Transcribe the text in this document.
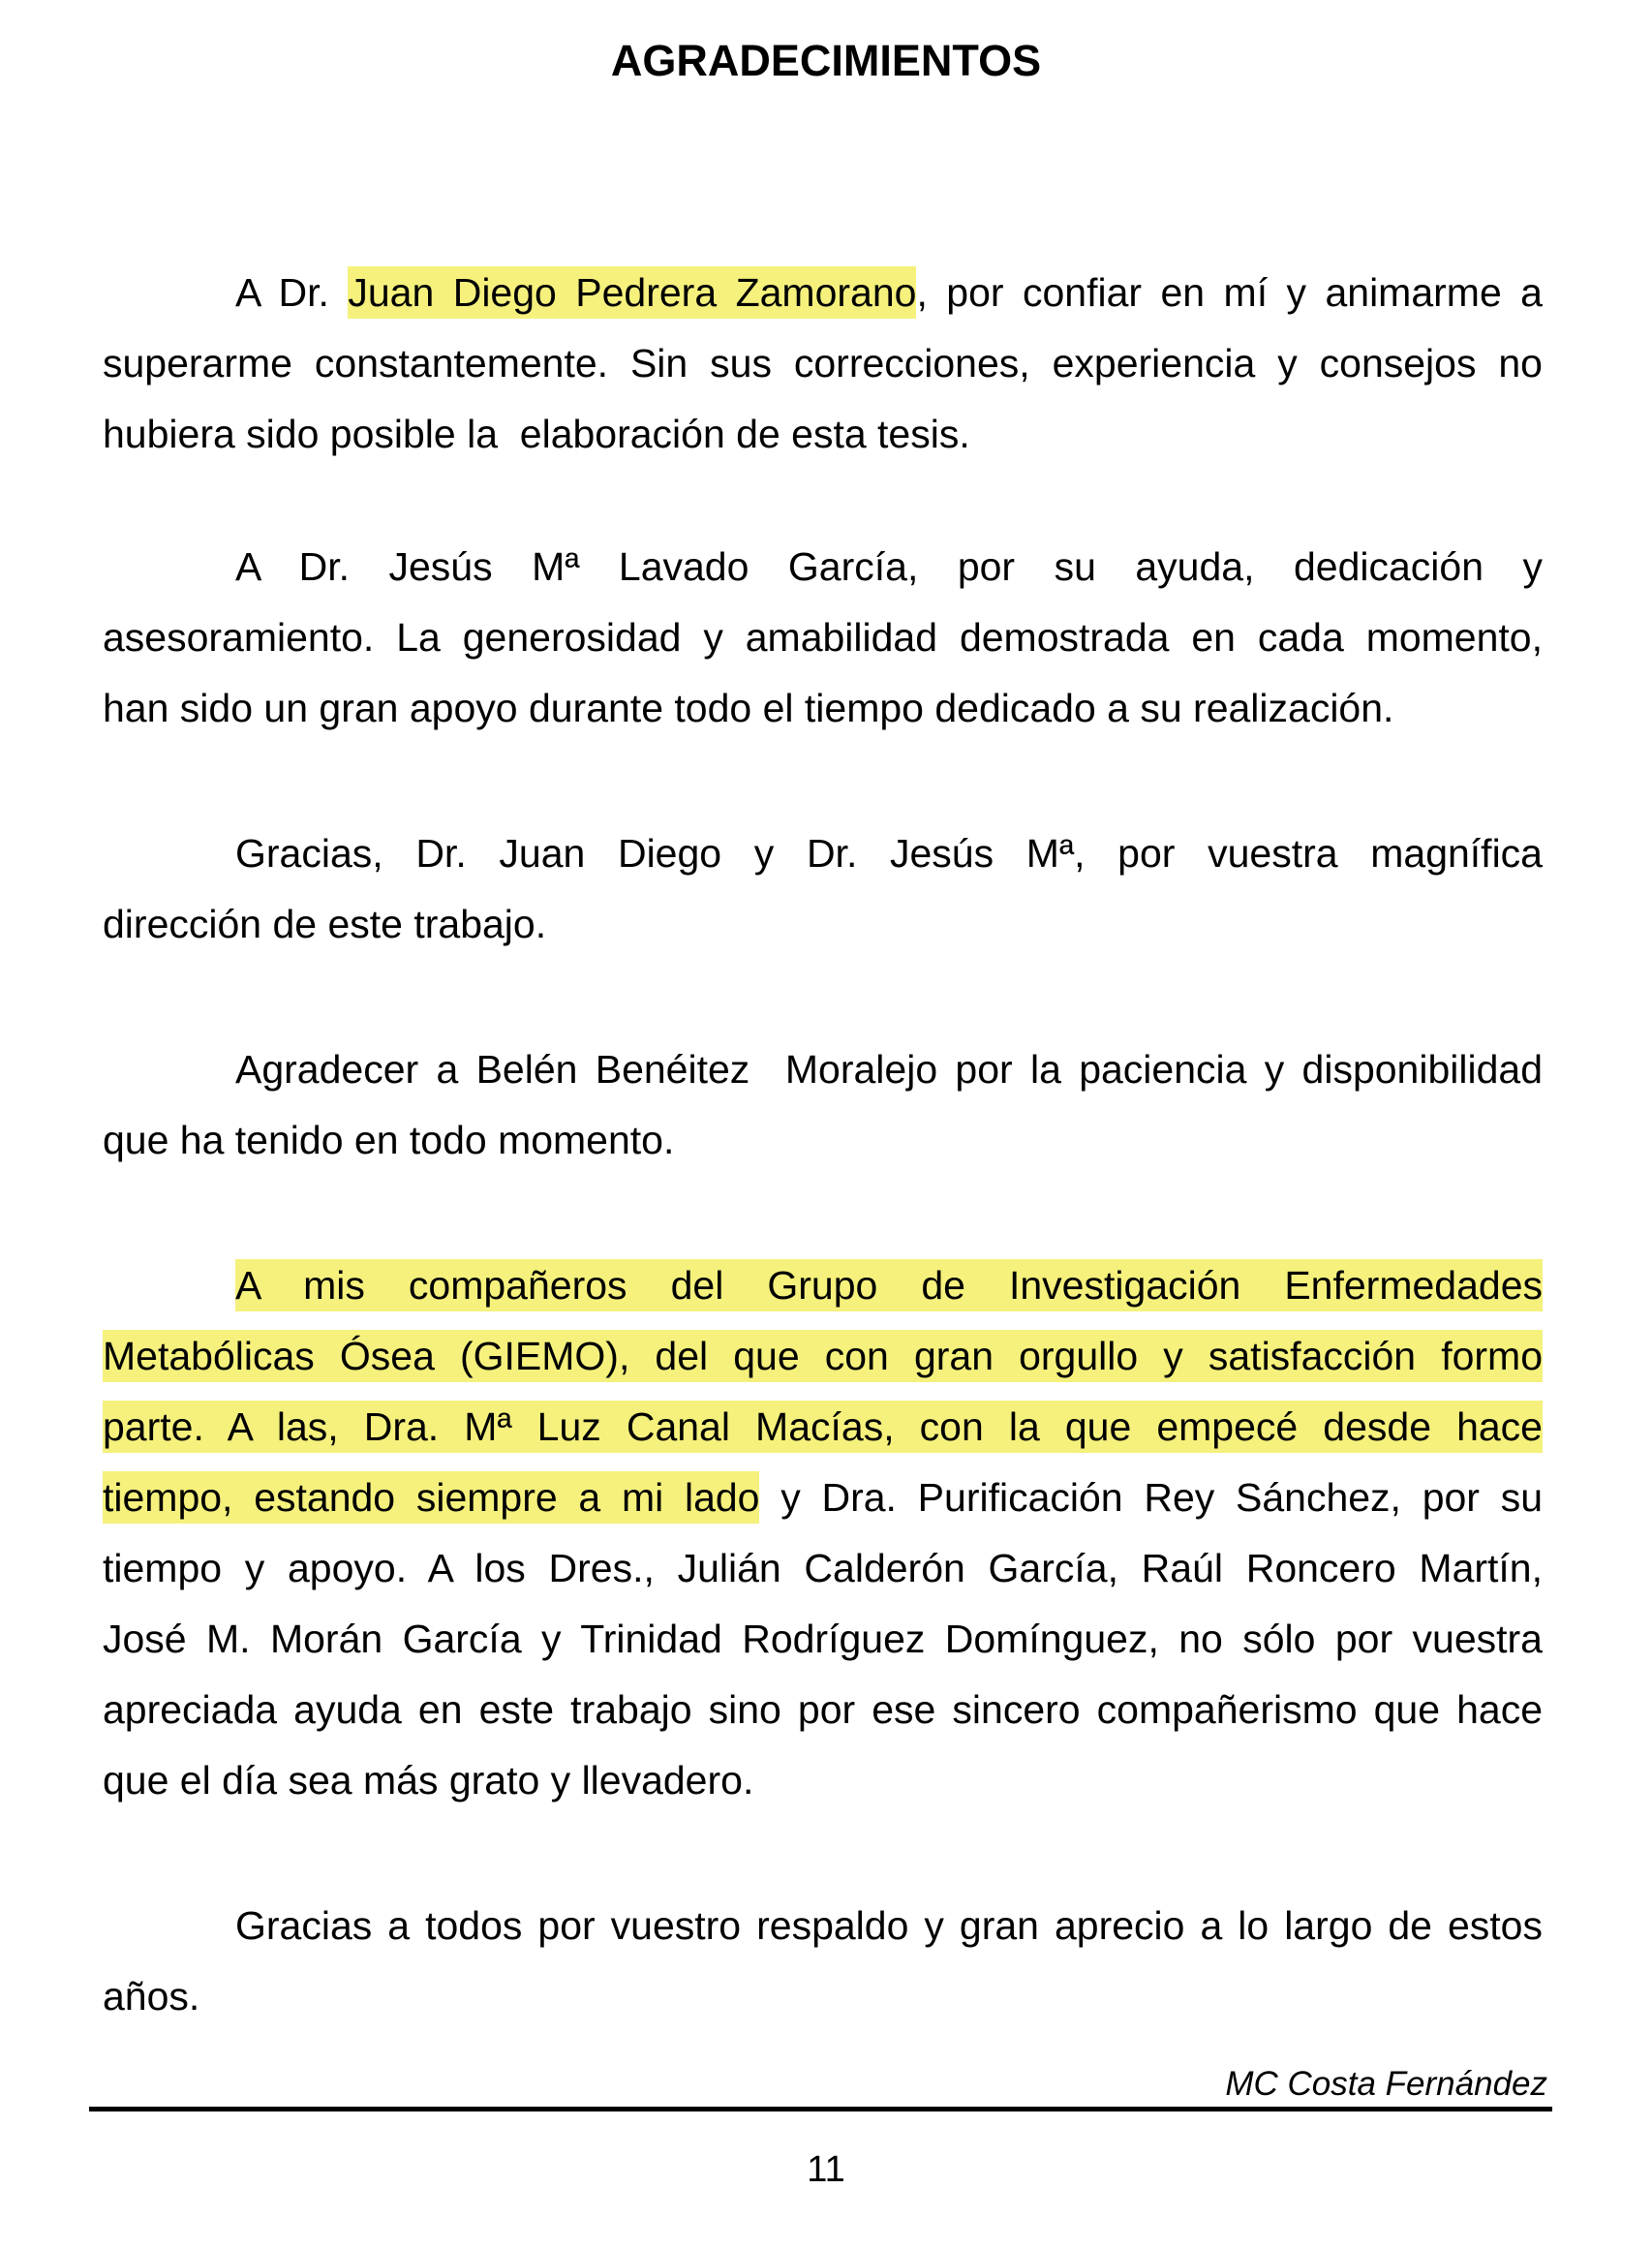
AGRADECIMIENTOS
A Dr. Juan Diego Pedrera Zamorano, por confiar en mí y animarme a
superarme constantemente. Sin sus correcciones, experiencia y consejos no
hubiera sido posible la  elaboración de esta tesis.
A Dr. Jesús Mª Lavado García, por su ayuda, dedicación y
asesoramiento. La generosidad y amabilidad demostrada en cada momento,
han sido un gran apoyo durante todo el tiempo dedicado a su realización.
Gracias, Dr. Juan Diego y Dr. Jesús Mª, por vuestra magnífica
dirección de este trabajo.
Agradecer a Belén Benéitez  Moralejo por la paciencia y disponibilidad
que ha tenido en todo momento.
A mis compañeros del Grupo de Investigación Enfermedades
Metabólicas Ósea (GIEMO), del que con gran orgullo y satisfacción formo
parte. A las, Dra. Mª Luz Canal Macías, con la que empecé desde hace
tiempo, estando siempre a mi lado y Dra. Purificación Rey Sánchez, por su
tiempo y apoyo. A los Dres., Julián Calderón García, Raúl Roncero Martín,
José M. Morán García y Trinidad Rodríguez Domínguez, no sólo por vuestra
apreciada ayuda en este trabajo sino por ese sincero compañerismo que hace
que el día sea más grato y llevadero.
Gracias a todos por vuestro respaldo y gran aprecio a lo largo de estos
años.
MC Costa Fernández
11
